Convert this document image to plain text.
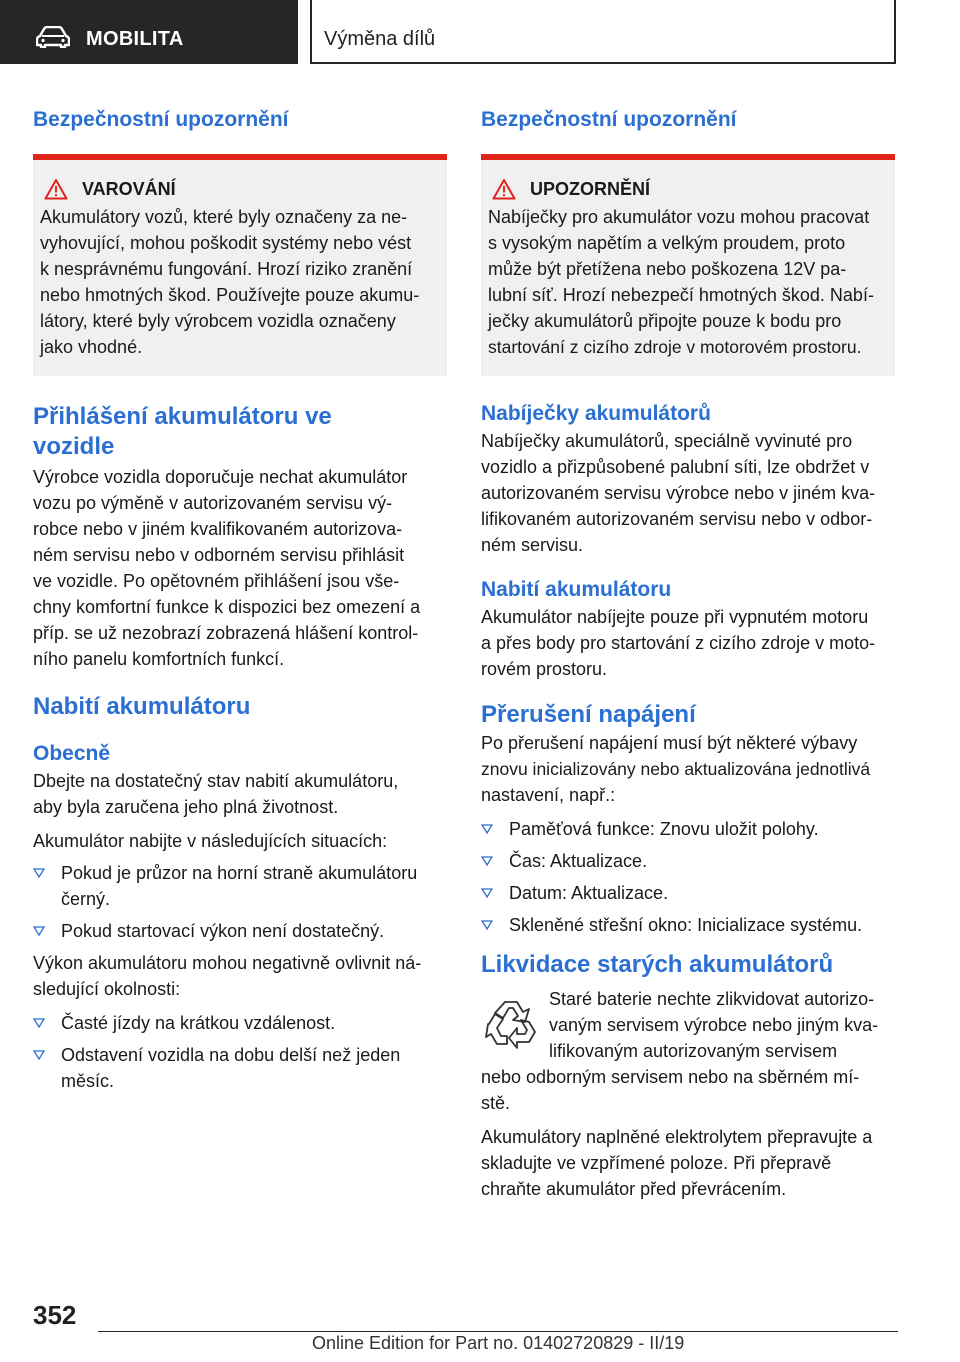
MOBILITA	Výměna dílů
Bezpečnostní upozornění
VAROVÁNÍ

Akumulátory vozů, které byly označeny za ne-

vyhovující, mohou poškodit systémy nebo vést

k nesprávnému fungování. Hrozí riziko zranění

nebo hmotných škod. Používejte pouze akumu-

látory, které byly výrobcem vozidla označeny

jako vhodné.

Přihlášení akumulátoru ve
vozidle

Výrobce vozidla doporučuje nechat akumulátor

vozu po výměně v autorizovaném servisu vý-

robce nebo v jiném kvalifikovaném autorizova-

ném servisu nebo v odborném servisu přihlásit

ve vozidle. Po opětovném přihlášení jsou vše-

chny komfortní funkce k dispozici bez omezení a

příp. se už nezobrazí zobrazená hlášení kontrol-

ního panelu komfortních funkcí.

Nabití akumulátoru
Obecně

Dbejte na dostatečný stav nabití akumulátoru,

aby byla zaručena jeho plná životnost.

Akumulátor nabijte v následujících situacích:

Pokud je průzor na horní straně akumulátoru
černý.
Pokud startovací výkon není dostatečný.

Výkon akumulátoru mohou negativně ovlivnit ná-

sledující okolnosti:

Časté jízdy na krátkou vzdálenost.
Odstavení vozidla na dobu delší než jeden
měsíc.
Bezpečnostní upozornění
UPOZORNĚNÍ

Nabíječky pro akumulátor vozu mohou pracovat

s vysokým napětím a velkým proudem, proto

může být přetížena nebo poškozena 12V pa-

lubní síť. Hrozí nebezpečí hmotných škod. Nabí-

ječky akumulátorů připojte pouze k bodu pro

startování z cizího zdroje v motorovém prostoru.

Nabíječky akumulátorů

Nabíječky akumulátorů, speciálně vyvinuté pro

vozidlo a přizpůsobené palubní síti, lze obdržet v

autorizovaném servisu výrobce nebo v jiném kva-

lifikovaném autorizovaném servisu nebo v odbor-

ném servisu.

Nabití akumulátoru

Akumulátor nabíjejte pouze při vypnutém motoru

a přes body pro startování z cizího zdroje v moto-

rovém prostoru.

Přerušení napájení

Po přerušení napájení musí být některé výbavy

znovu inicializovány nebo aktualizována jednotlivá

nastavení, např.:

Paměťová funkce: Znovu uložit polohy.
Čas: Aktualizace.
Datum: Aktualizace.
Skleněné střešní okno: Inicializace systému.
Likvidace starých akumulátorů

Staré baterie nechte zlikvidovat autorizo-

vaným servisem výrobce nebo jiným kva-

lifikovaným autorizovaným servisem

nebo odborným servisem nebo na sběrném mí-

stě.

Akumulátory naplněné elektrolytem přepravujte a

skladujte ve vzpřímené poloze. Při přepravě

chraňte akumulátor před převrácením.

352
Online Edition for Part no. 01402720829 - II/19
